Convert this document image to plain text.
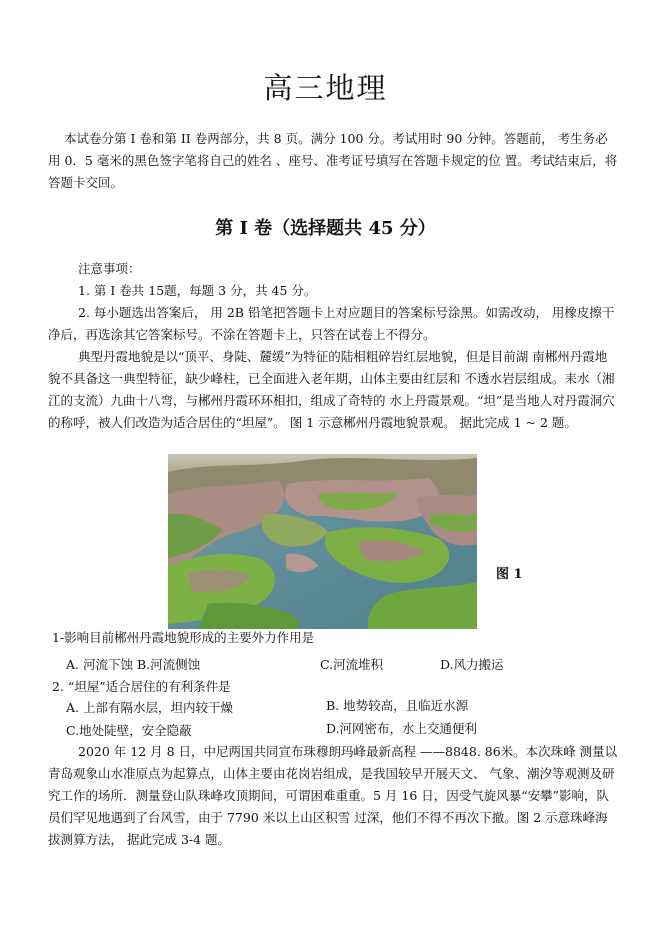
高三地理
本试卷分第 I 卷和第 II 卷两部分，共 8 页。满分 100 分。考试用时 90 分钟。答题前， 考生务必用 0．5 毫米的黑色签字笔将自己的姓名 、座号、准考证号填写在答题卡规定的位 置。考试结束后，将答题卡交回。
第 I 卷（选择题共 45 分）
注意事项：
1. 第 I 卷共 15题，每题 3 分，共 45 分。
2. 每小题选出答案后， 用 2B 铅笔把答题卡上对应题目的答案标号涂黑。如需改动， 用橡皮擦干净后，再选涂其它答案标号。不涂在答题卡上，只答在试卷上不得分。
典型丹霞地貌是以“顶平、身陡、麓缓”为特征的陆相粗碎岩红层地貌，但是目前湖 南郴州丹霞地貌不具备这一典型特征，缺少峰柱，已全面进入老年期，山体主要由红层和 不透水岩层组成。耒水（湘江的支流）九曲十八弯，与郴州丹霞环环相扣，组成了奇特的 水上丹霞景观。“坦”是当地人对丹霞洞穴的称呼，被人们改造为适合居住的“坦屋”。 图 1 示意郴州丹霞地貌景观。 据此完成 1 ~ 2 题。
图 1
1-影响目前郴州丹霞地貌形成的主要外力作用是
A. 河流下蚀 B.河流侧蚀	C.河流堆积	D.风力搬运
2. “坦屋”适合居住的有利条件是
A. 上部有隔水层，坦内较干燥	B. 地势较高，且临近水源
C.地处陡壁，安全隐蔽	D.河网密布，水上交通便利
2020 年 12 月 8 日，中尼两国共同宣布珠穆朗玛峰最新高程 ——8848. 86米。本次珠峰 测量以青岛观象山水准原点为起算点，山体主要由花岗岩组成，是我国较早开展天文、 气象、潮汐等观测及研究工作的场所．测量登山队珠峰攻顶期间，可谓困难重重。5 月 16 日，因受气旋风暴“安攀”影响，队员们罕见地遇到了台风雪，由于 7790 米以上山区积雪 过深，他们不得不再次下撤。图 2 示意珠峰海拔测算方法， 据此完成 3-4 题。
